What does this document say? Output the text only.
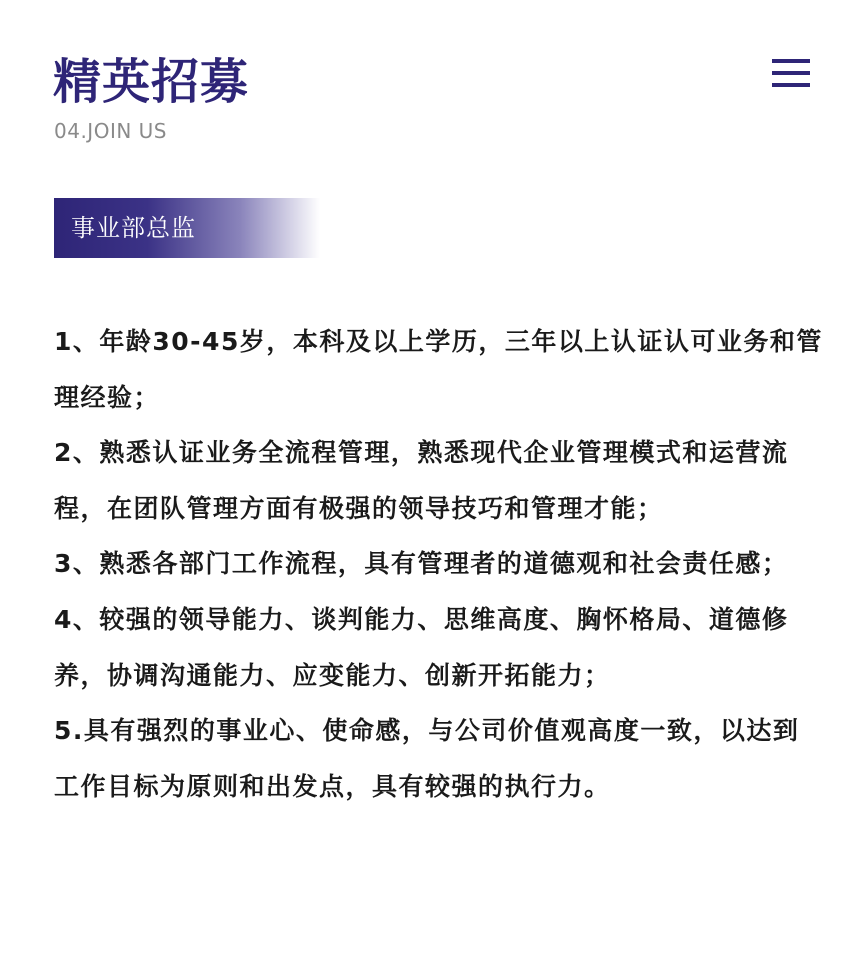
精英招募
04.JOIN US
事业部总监
1、年龄30-45岁，本科及以上学历，三年以上认证认可业务和管理经验；
2、熟悉认证业务全流程管理，熟悉现代企业管理模式和运营流程，在团队管理方面有极强的领导技巧和管理才能；
3、熟悉各部门工作流程，具有管理者的道德观和社会责任感；
4、较强的领导能力、谈判能力、思维高度、胸怀格局、道德修养，协调沟通能力、应变能力、创新开拓能力；
5.具有强烈的事业心、使命感，与公司价值观高度一致，以达到工作目标为原则和出发点，具有较强的执行力。
